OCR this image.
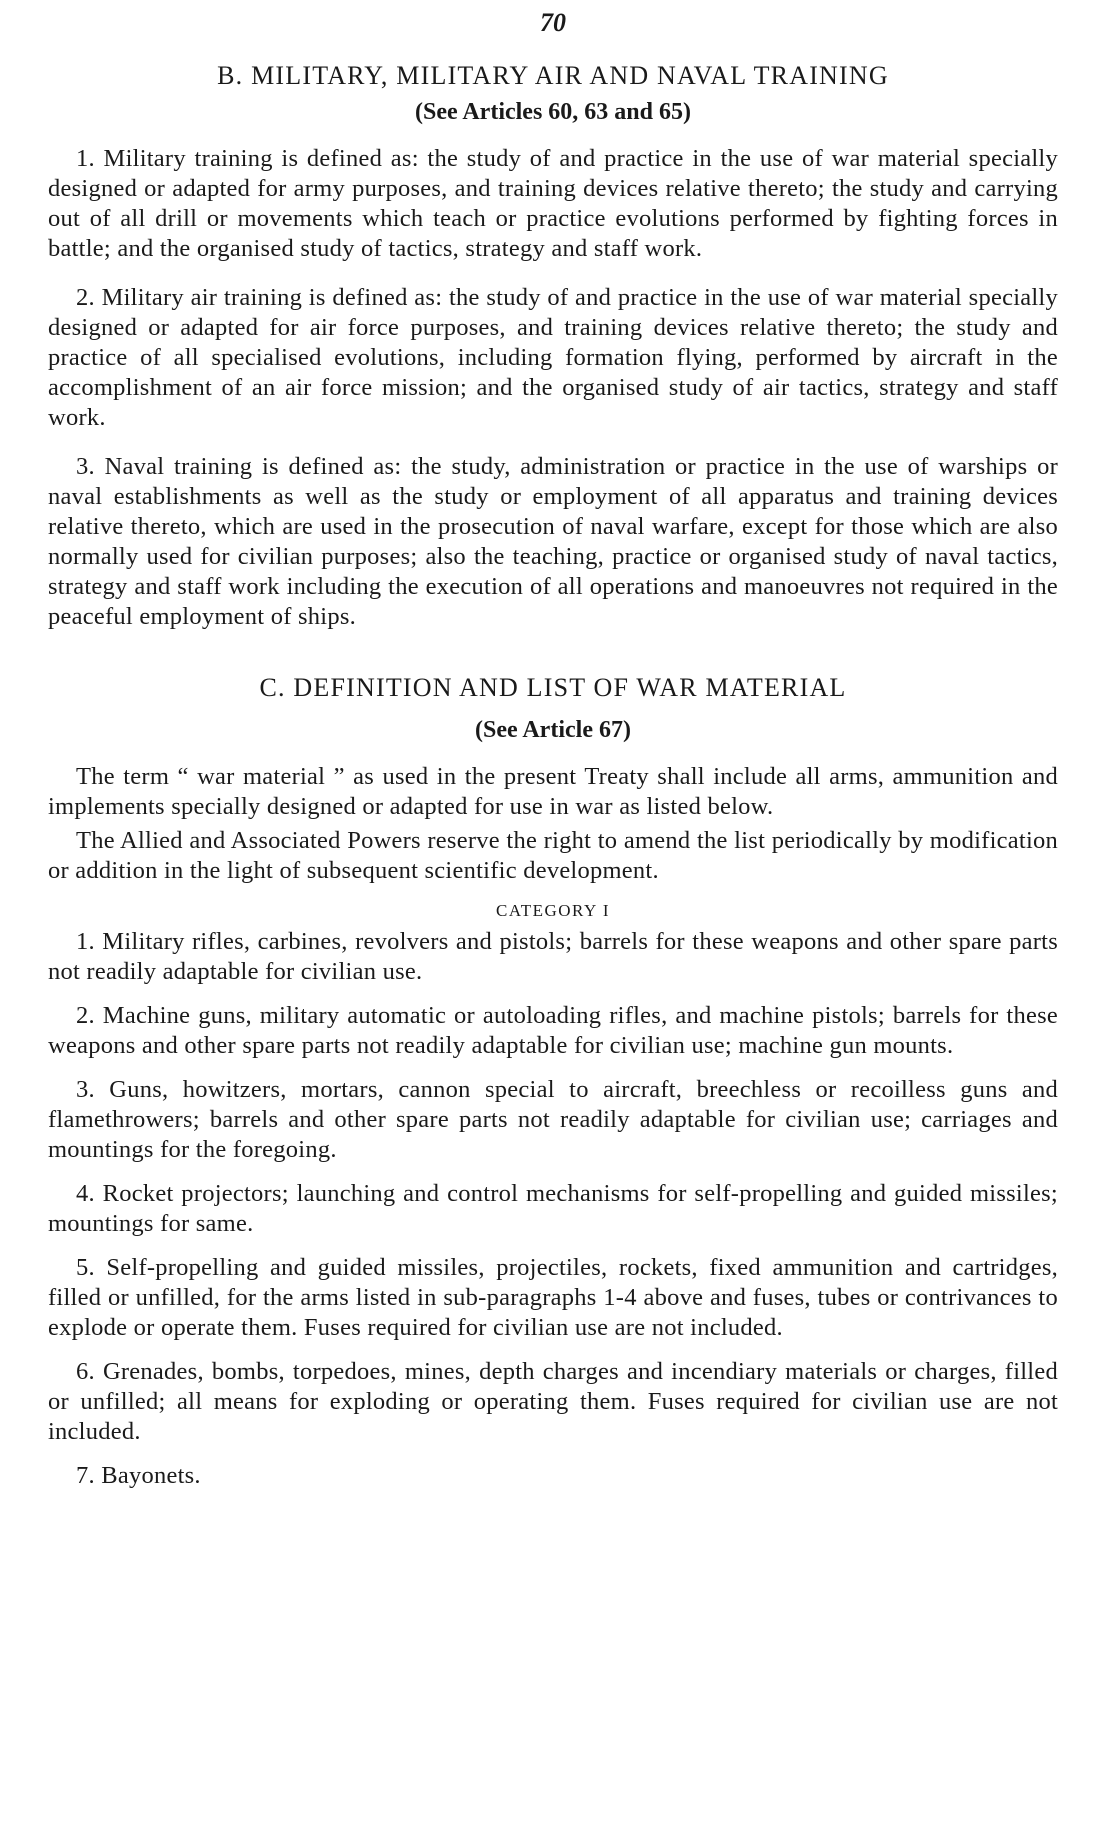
70
B. MILITARY, MILITARY AIR AND NAVAL TRAINING
(See Articles 60, 63 and 65)

1. Military training is defined as: the study of and practice in the use of war material specially designed or adapted for army purposes, and training devices relative thereto; the study and carrying out of all drill or movements which teach or practice evolutions performed by fighting forces in battle; and the organised study of tactics, strategy and staff work.

2. Military air training is defined as: the study of and practice in the use of war material specially designed or adapted for air force purposes, and training devices relative thereto; the study and practice of all specialised evolutions, including formation flying, performed by aircraft in the accomplishment of an air force mission; and the organised study of air tactics, strategy and staff work.

3. Naval training is defined as: the study, administration or practice in the use of warships or naval establishments as well as the study or employment of all apparatus and training devices relative thereto, which are used in the prosecution of naval warfare, except for those which are also normally used for civilian purposes; also the teaching, practice or organised study of naval tactics, strategy and staff work including the execution of all operations and manoeuvres not required in the peaceful employment of ships.

C. DEFINITION AND LIST OF WAR MATERIAL
(See Article 67)

The term “ war material ” as used in the present Treaty shall include all arms, ammunition and implements specially designed or adapted for use in war as listed below.

The Allied and Associated Powers reserve the right to amend the list periodically by modification or addition in the light of subsequent scientific development.

CATEGORY I

1. Military rifles, carbines, revolvers and pistols; barrels for these weapons and other spare parts not readily adaptable for civilian use.

2. Machine guns, military automatic or autoloading rifles, and machine pistols; barrels for these weapons and other spare parts not readily adaptable for civilian use; machine gun mounts.

3. Guns, howitzers, mortars, cannon special to aircraft, breechless or recoilless guns and flamethrowers; barrels and other spare parts not readily adaptable for civilian use; carriages and mountings for the foregoing.

4. Rocket projectors; launching and control mechanisms for self-propelling and guided missiles; mountings for same.

5. Self-propelling and guided missiles, projectiles, rockets, fixed ammunition and cartridges, filled or unfilled, for the arms listed in sub-paragraphs 1-4 above and fuses, tubes or contrivances to explode or operate them. Fuses required for civilian use are not included.

6. Grenades, bombs, torpedoes, mines, depth charges and incendiary materials or charges, filled or unfilled; all means for exploding or operating them. Fuses required for civilian use are not included.

7. Bayonets.
